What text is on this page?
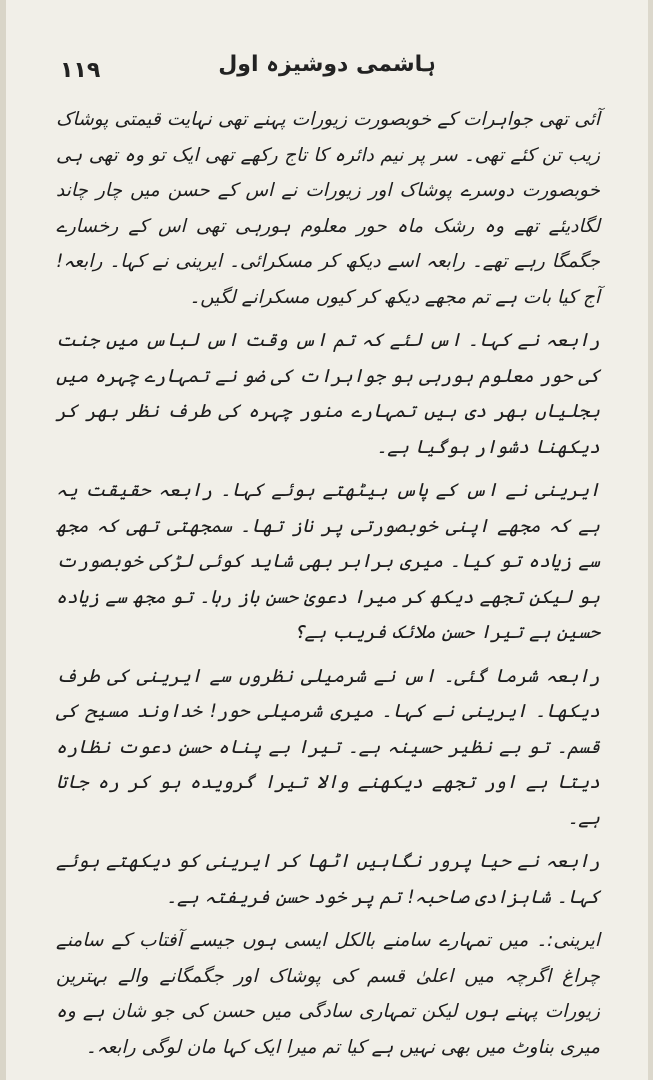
۱۱۹	ہاشمی دوشیزہ اول

آئی تھی جواہرات کے خوبصورت زیورات پہنے تھی نہایت قیمتی پوشاک زیب تن کئے تھی۔ سر پر نیم دائرہ کا تاج رکھے تھی ایک تو وہ تھی ہی خوبصورت دوسرے پوشاک اور زیورات نے اس کے حسن میں چار چاند لگادیئے تھے وہ رشک ماہ حور معلوم ہورہی تھی اس کے رخسارے جگمگا رہے تھے۔ رابعہ اسے دیکھ کر مسکرائی۔ ایرینی نے کہا۔ رابعہ! آج کیا بات ہے تم مجھے دیکھ کر کیوں مسکرانے لگیں۔

رابعہ نے کہا۔ اس لئے کہ تم اس وقت اس لباس میں جنت کی حور معلوم ہورہی ہو جواہرات کی ضو نے تمہارے چہرہ میں بجلیاں بھر دی ہیں تمہارے منور چہرہ کی طرف نظر بھر کر دیکھنا دشوار ہوگیا ہے۔

ایرینی نے اس کے پاس بیٹھتے ہوئے کہا۔ رابعہ حقیقت یہ ہے کہ مجھے اپنی خوبصورتی پر ناز تھا۔ سمجھتی تھی کہ مجھ سے زیادہ تو کیا۔ میری برابر بھی شاید کوئی لڑکی خوبصورت ہو لیکن تجھے دیکھ کر میرا دعویٰ حسن باز رہا۔ تو مجھ سے زیادہ حسین ہے تیرا حسن ملائک فریب ہے؟

رابعہ شرما گئی۔ اس نے شرمیلی نظروں سے ایرینی کی طرف دیکھا۔ ایرینی نے کہا۔ میری شرمیلی حور! خداوند مسیح کی قسم۔ تو بے نظیر حسینہ ہے۔ تیرا بے پناہ حسن دعوت نظارہ دیتا ہے اور تجھے دیکھنے والا تیرا گرویدہ ہو کر رہ جاتا ہے۔

رابعہ نے حیا پرور نگاہیں اٹھا کر ایرینی کو دیکھتے ہوئے کہا۔ شاہزادی صاحبہ! تم پر خود حسن فریفتہ ہے۔

ایرینی:۔ میں تمہارے سامنے بالکل ایسی ہوں جیسے آفتاب کے سامنے چراغ اگرچہ میں اعلیٰ قسم کی پوشاک اور جگمگانے والے بہترین زیورات پہنے ہوں لیکن تمہاری سادگی میں حسن کی جو شان ہے وہ میری بناوٹ میں بھی نہیں ہے کیا تم میرا ایک کہا مان لوگی رابعہ۔
